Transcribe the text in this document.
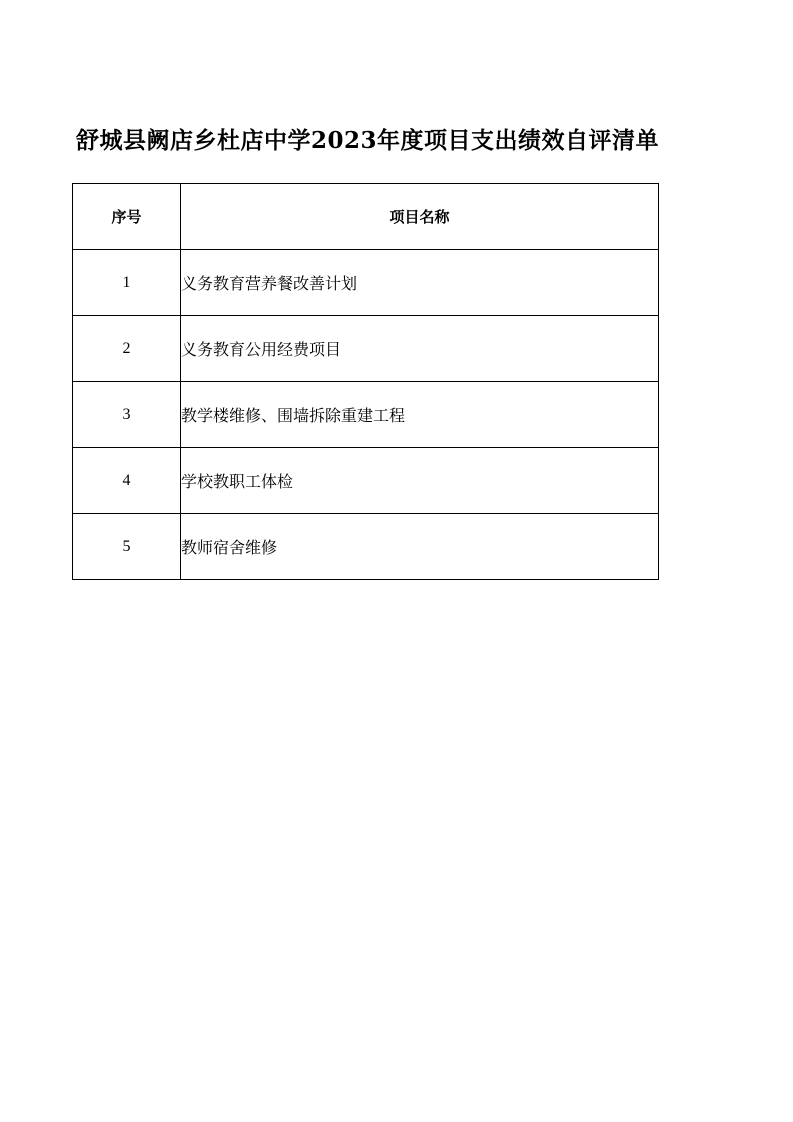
舒城县阙店乡杜店中学2023年度项目支出绩效自评清单
序号	项目名称
1	义务教育营养餐改善计划
2	义务教育公用经费项目
3	教学楼维修、围墙拆除重建工程
4	学校教职工体检
5	教师宿舍维修
